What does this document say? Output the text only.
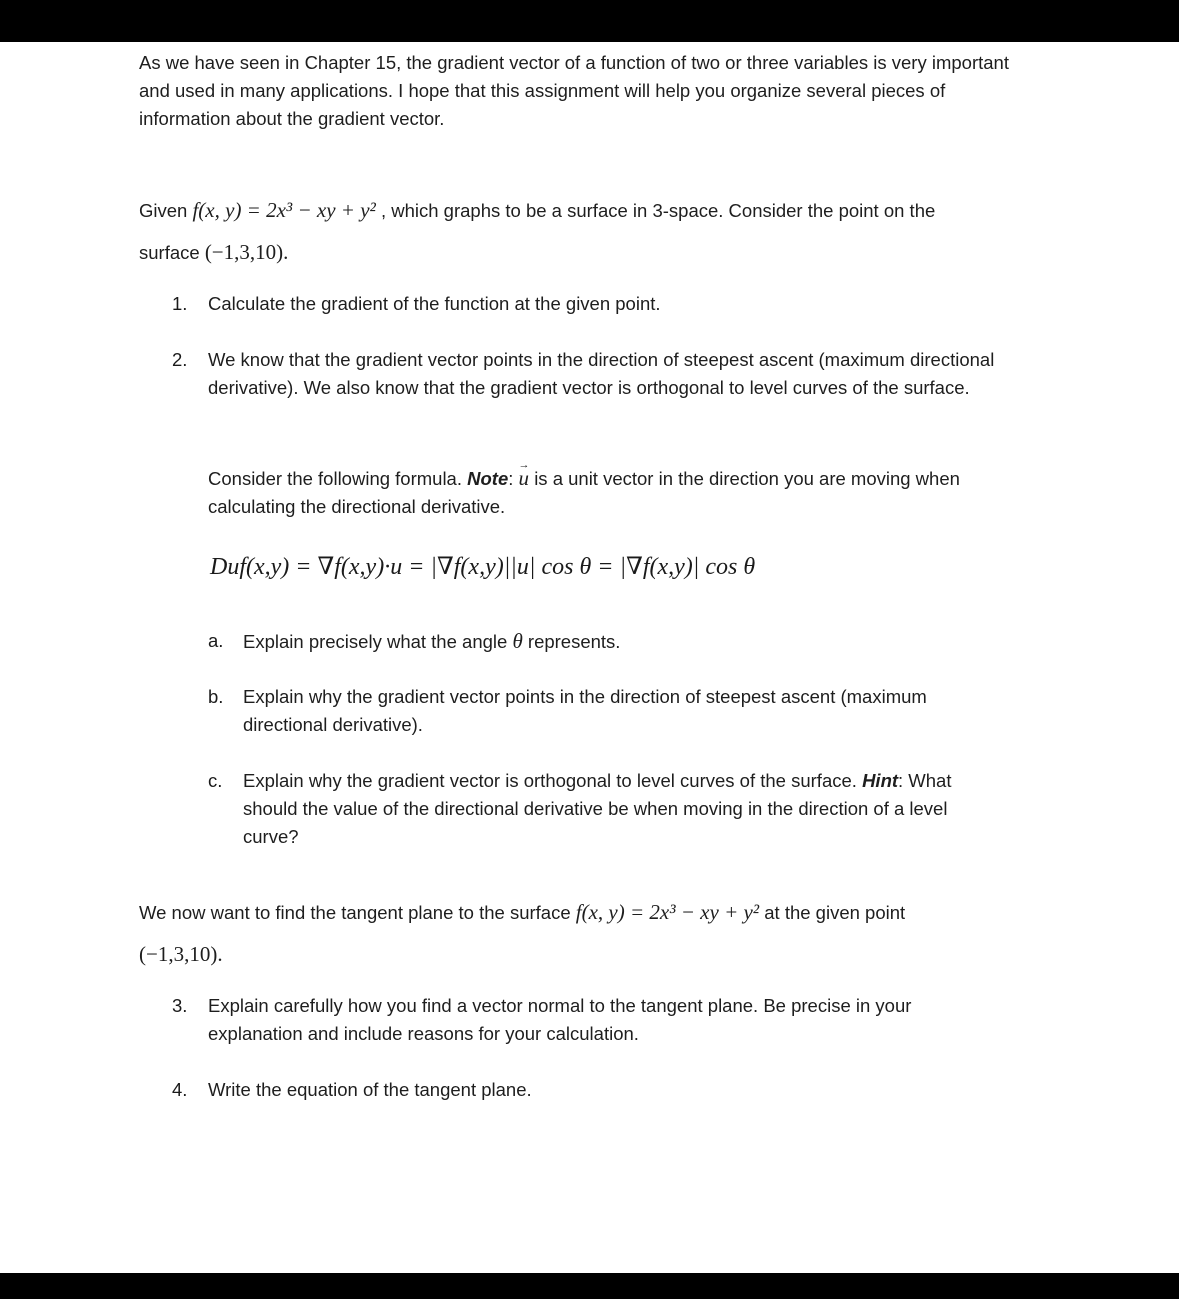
As we have seen in Chapter 15, the gradient vector of a function of two or three variables is very important and used in many applications. I hope that this assignment will help you organize several pieces of information about the gradient vector.
Given f(x, y) = 2x³ − xy + y² , which graphs to be a surface in 3-space. Consider the point on the
surface (−1,3,10).
1. Calculate the gradient of the function at the given point.
2. We know that the gradient vector points in the direction of steepest ascent (maximum directional derivative). We also know that the gradient vector is orthogonal to level curves of the surface.
Consider the following formula. Note: → u is a unit vector in the direction you are moving when calculating the directional derivative.
Duf(x,y) = ∇f(x,y)·u = |∇f(x,y)||u| cos θ = |∇f(x,y)| cos θ
a. Explain precisely what the angle θ represents.
b. Explain why the gradient vector points in the direction of steepest ascent (maximum directional derivative).
c. Explain why the gradient vector is orthogonal to level curves of the surface. Hint: What should the value of the directional derivative be when moving in the direction of a level curve?
We now want to find the tangent plane to the surface f(x, y) = 2x³ − xy + y² at the given point
(−1,3,10).
3. Explain carefully how you find a vector normal to the tangent plane. Be precise in your explanation and include reasons for your calculation.
4. Write the equation of the tangent plane.
